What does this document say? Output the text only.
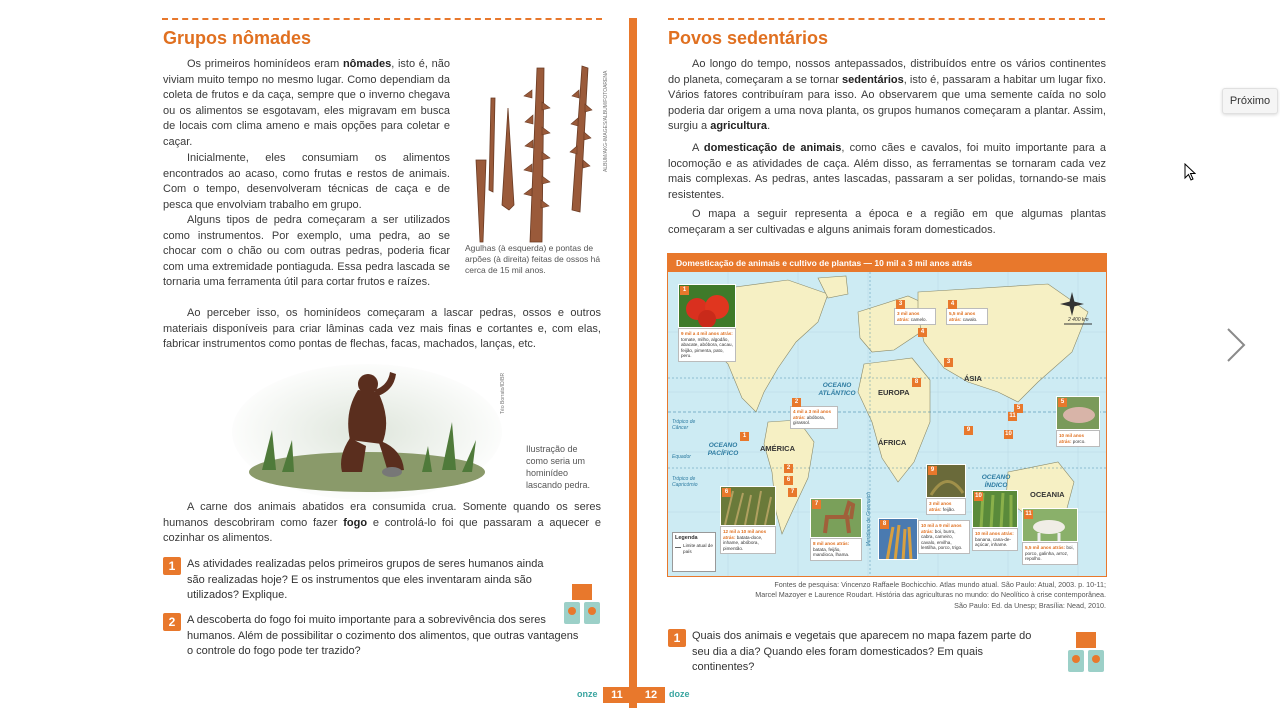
Grupos nômades
Os primeiros hominídeos eram nômades, isto é, não viviam muito tempo no mesmo lugar. Como dependiam da coleta de frutos e da caça, sempre que o inverno chegava ou os alimentos se esgotavam, eles migravam em busca de locais com clima ameno e mais opções para coletar e caçar.
Inicialmente, eles consumiam os alimentos encontrados ao acaso, como frutas e restos de animais. Com o tempo, desenvolveram técnicas de caça e de pesca que envolviam trabalho em grupo.
Alguns tipos de pedra começaram a ser utilizados como instrumentos. Por exemplo, uma pedra, ao se chocar com o chão ou com outras pedras, poderia ficar com uma extremidade pontiaguda. Essa pedra lascada se tornaria uma ferramenta útil para cortar frutos e raízes.
Ao perceber isso, os hominídeos começaram a lascar pedras, ossos e outros materiais disponíveis para criar lâminas cada vez mais finas e cortantes e, com elas, fabricar instrumentos como pontas de flechas, facas, machados, lanças, etc.
ALBUM/AKG-IMAGES/ALBUM/FOTOARENA
Agulhas (à esquerda) e pontas de arpões (à direita) feitas de ossos há cerca de 15 mil anos.
Téo Borrato/ID/BR
Ilustração de como seria um hominídeo lascando pedra.
A carne dos animais abatidos era consumida crua. Somente quando os seres humanos descobriram como fazer fogo e controlá-lo foi que passaram a aquecer e cozinhar os alimentos.
1	As atividades realizadas pelos primeiros grupos de seres humanos ainda são realizadas hoje? E os instrumentos que eles inventaram ainda são utilizados? Explique.
2	A descoberta do fogo foi muito importante para a sobrevivência dos seres humanos. Além de possibilitar o cozimento dos alimentos, que outras vantagens o controle do fogo pode ter trazido?
onze	11
Povos sedentários
Ao longo do tempo, nossos antepassados, distribuídos entre os vários continentes do planeta, começaram a se tornar sedentários, isto é, passaram a habitar um lugar fixo. Vários fatores contribuíram para isso. Ao observarem que uma semente caída no solo poderia dar origem a uma nova planta, os grupos humanos começaram a plantar. Assim, surgiu a agricultura.
A domesticação de animais, como cães e cavalos, foi muito importante para a locomoção e as atividades de caça. Além disso, as ferramentas se tornaram cada vez mais complexas. As pedras, antes lascadas, passaram a ser polidas, tornando-se mais resistentes.
O mapa a seguir representa a época e a região em que algumas plantas começaram a ser cultivadas e alguns animais foram domesticados.
Domesticação de animais e cultivo de plantas — 10 mil a 3 mil anos atrás
EUROPA
ÁSIA
ÁFRICA
AMÉRICA
OCEANIA
OCEANO ATLÂNTICO
OCEANO PACÍFICO
OCEANO ÍNDICO
Trópico de Câncer
Equador
Trópico de Capricórnio
Meridiano de Greenwich
2 400 km
9 mil a 4 mil anos atrás: tomate, milho, algodão, abacate, abóbora, cacau, feijão, pimenta, pato, peru.
4 mil a 3 mil anos atrás: abóbora, girassol.
3 mil anos atrás: camelo.
5,5 mil anos atrás: cavalo.
10 mil anos atrás: porco.
12 mil a 10 mil anos atrás: batata-doce, inhame, abóbora, pimentão.
8 mil anos atrás: batata, feijão, mandioca, lhama.
10 mil a 9 mil anos atrás: boi, burro, cabra, carneiro, cavalo, ervilha, lentilha, porco, trigo.
3 mil anos atrás: feijão.
10 mil anos atrás: banana, cana-de-açúcar, inhame.
5,5 mil anos atrás: boi, porco, galinha, arroz, repolho.
1
2
3	4
5
6
7
8
9
10
11
1
2
3
4
5
6
7
8
9
10
11
Legenda
Limite atual de país
Fontes de pesquisa: Vincenzo Raffaele Bochicchio. Atlas mundo atual. São Paulo: Atual, 2003. p. 10-11;
Marcel Mazoyer e Laurence Roudart. História das agriculturas no mundo: do Neolítico à crise contemporânea.
São Paulo: Ed. da Unesp; Brasília: Nead, 2010.
1	Quais dos animais e vegetais que aparecem no mapa fazem parte do seu dia a dia? Quando eles foram domesticados? Em quais continentes?
12	doze
Próximo
